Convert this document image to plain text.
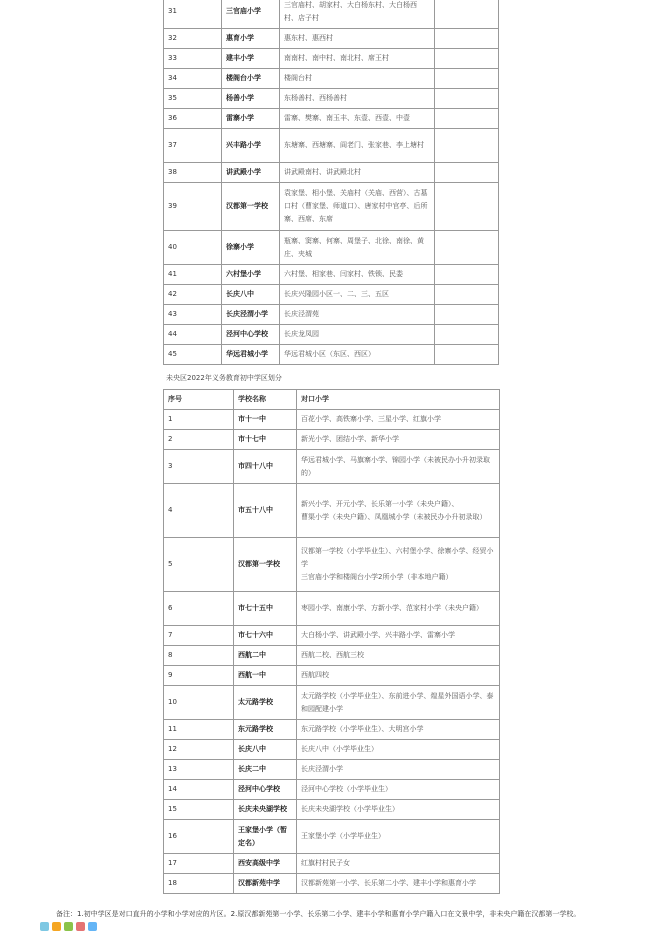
31	三官庙小学	三官庙村、胡家村、大白杨东村、大白杨西村、店子村	
32	惠育小学	惠东村、惠西村	
33	建丰小学	南南村、南中村、南北村、席王村	
34	楼阁台小学	楼阁台村	
35	杨善小学	东杨善村、西杨善村	
36	雷寨小学	雷寨、樊寨、南玉丰、东壹、西壹、中壹	
37	兴丰路小学	东塘寨、西塘寨、阎老门、张家巷、李上塘村	
38	讲武殿小学	讲武殿南村、讲武殿北村	
39	汉都第一学校	袁家堡、相小堡、关庙村（关庙、西营）、古墓口村（曹家堡、师道口）、唐家村中官亭、后所寨、西席、东席	
40	徐寨小学	瓶寨、窦寨、何寨、周堡子、北徐、南徐、黄庄、夹城	
41	六村堡小学	六村堡、相家巷、闫家村、铁锁、民娄	
42	长庆八中	长庆兴隆园小区一、二、三、五区	
43	长庆泾渭小学	长庆泾渭苑	
44	泾河中心学校	长庆龙凤园	
45	华远君城小学	华远君城小区（东区、西区）	
未央区2022年义务教育初中学区划分
序号	学校名称	对口小学
1	市十一中	百花小学、高铁寨小学、三星小学、红旗小学
2	市十七中	新光小学、团结小学、新华小学
3	市四十八中	华远君城小学、马旗寨小学、锦园小学（未被民办小升初录取的）
4	市五十八中	新兴小学、开元小学、长乐第一小学（未央户籍）、
曹渠小学（未央户籍）、凤凰城小学（未被民办小升初录取）
5	汉都第一学校	汉都第一学校（小学毕业生）、六村堡小学、徐寨小学、经贸小学
三官庙小学和楼阁台小学2所小学（非本地户籍）
6	市七十五中	枣园小学、南康小学、方新小学、范家村小学（未央户籍）
7	市七十六中	大白杨小学、讲武殿小学、兴丰路小学、雷寨小学
8	西航二中	西航二校、西航三校
9	西航一中	西航四校
10	太元路学校	太元路学校（小学毕业生）、东前进小学、煌星外国语小学、泰和园配建小学
11	东元路学校	东元路学校（小学毕业生）、大明宫小学
12	长庆八中	长庆八中（小学毕业生）
13	长庆二中	长庆泾渭小学
14	泾河中心学校	泾河中心学校（小学毕业生）
15	长庆未央湖学校	长庆未央湖学校（小学毕业生）
16	王家堡小学（暂定名）	王家堡小学（小学毕业生）
17	西安高级中学	红旗村村民子女
18	汉都新苑中学	汉都新苑第一小学、长乐第二小学、建丰小学和惠育小学
备注：1.初中学区是对口直升的小学和小学对应的片区。2.原汉都新苑第一小学、长乐第二小学、建丰小学和惠育小学户籍入口在文景中学，非未央户籍在汉都第一学校。
